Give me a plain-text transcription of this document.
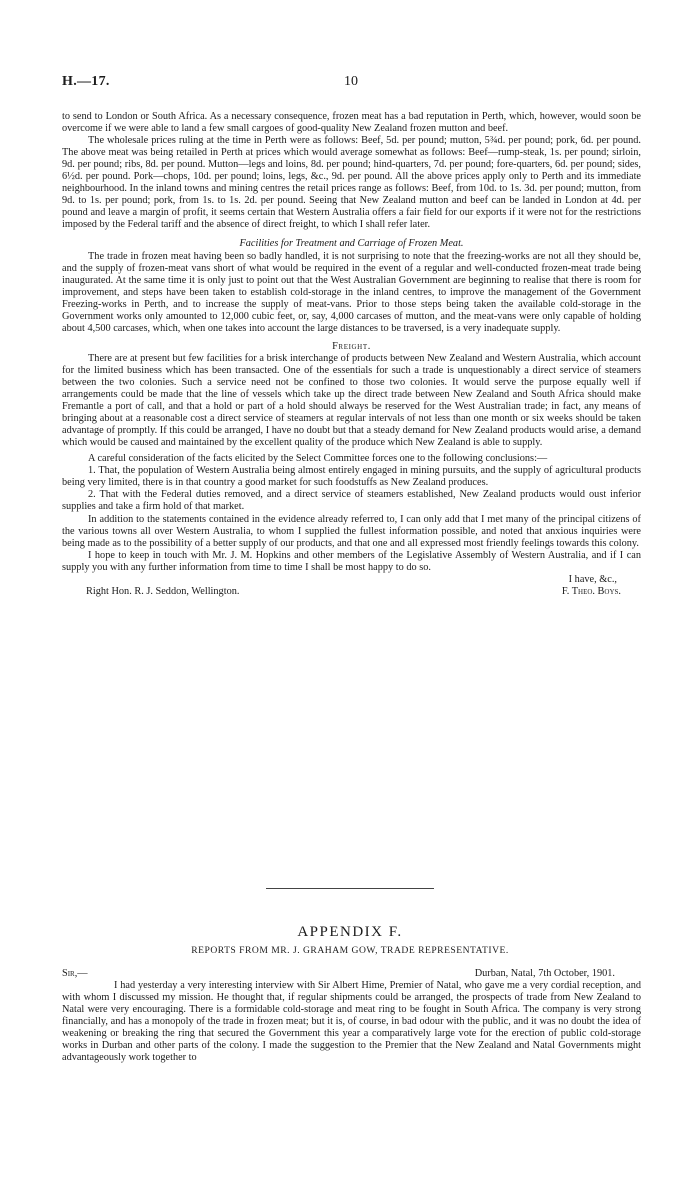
H.—17.	10

to send to London or South Africa. As a necessary consequence, frozen meat has a bad reputation in Perth, which, however, would soon be overcome if we were able to land a few small cargoes of good-quality New Zealand frozen mutton and beef.

The wholesale prices ruling at the time in Perth were as follows: Beef, 5d. per pound; mutton, 5¾d. per pound; pork, 6d. per pound. The above meat was being retailed in Perth at prices which would average somewhat as follows: Beef—rump-steak, 1s. per pound; sirloin, 9d. per pound; ribs, 8d. per pound. Mutton—legs and loins, 8d. per pound; hind-quarters, 7d. per pound; fore-quarters, 6d. per pound; sides, 6½d. per pound. Pork—chops, 10d. per pound; loins, legs, &c., 9d. per pound. All the above prices apply only to Perth and its immediate neighbourhood. In the inland towns and mining centres the retail prices range as follows: Beef, from 10d. to 1s. 3d. per pound; mutton, from 9d. to 1s. per pound; pork, from 1s. to 1s. 2d. per pound. Seeing that New Zealand mutton and beef can be landed in London at 4d. per pound and leave a margin of profit, it seems certain that Western Australia offers a fair field for our exports if it were not for the restrictions imposed by the Federal tariff and the absence of direct freight, to which I shall refer later.

Facilities for Treatment and Carriage of Frozen Meat.

The trade in frozen meat having been so badly handled, it is not surprising to note that the freezing-works are not all they should be, and the supply of frozen-meat vans short of what would be required in the event of a regular and well-conducted frozen-meat trade being inaugurated. At the same time it is only just to point out that the West Australian Government are beginning to realise that there is room for improvement, and steps have been taken to establish cold-storage in the inland centres, to improve the management of the Government Freezing-works in Perth, and to increase the supply of meat-vans. Prior to those steps being taken the available cold-storage in the Government works only amounted to 12,000 cubic feet, or, say, 4,000 carcases of mutton, and the meat-vans were only capable of holding about 4,500 carcases, which, when one takes into account the large distances to be traversed, is a very inadequate supply.

Freight.

There are at present but few facilities for a brisk interchange of products between New Zealand and Western Australia, which account for the limited business which has been transacted. One of the essentials for such a trade is unquestionably a direct service of steamers between the two colonies. Such a service need not be confined to those two colonies. It would serve the purpose equally well if arrangements could be made that the line of vessels which take up the direct trade between New Zealand and South Africa should make Fremantle a port of call, and that a hold or part of a hold should always be reserved for the West Australian trade; in fact, any means of bringing about at a reasonable cost a direct service of steamers at regular intervals of not less than one month or six weeks should be taken advantage of promptly. If this could be arranged, I have no doubt but that a steady demand for New Zealand products would arise, a demand which would be caused and maintained by the excellent quality of the produce which New Zealand is able to supply.

A careful consideration of the facts elicited by the Select Committee forces one to the following conclusions:—

1. That, the population of Western Australia being almost entirely engaged in mining pursuits, and the supply of agricultural products being very limited, there is in that country a good market for such foodstuffs as New Zealand produces.

2. That with the Federal duties removed, and a direct service of steamers established, New Zealand products would oust inferior supplies and take a firm hold of that market.

In addition to the statements contained in the evidence already referred to, I can only add that I met many of the principal citizens of the various towns all over Western Australia, to whom I supplied the fullest information possible, and noted that anxious inquiries were being made as to the possibility of a better supply of our products, and that one and all expressed most friendly feelings towards this colony.

I hope to keep in touch with Mr. J. M. Hopkins and other members of the Legislative Assembly of Western Australia, and if I can supply you with any further information from time to time I shall be most happy to do so.

I have, &c.,
Right Hon. R. J. Seddon, Wellington.	F. Theo. Boys.
APPENDIX F.
REPORTS FROM MR. J. GRAHAM GOW, TRADE REPRESENTATIVE.
Sir,—	Durban, Natal, 7th October, 1901.

I had yesterday a very interesting interview with Sir Albert Hime, Premier of Natal, who gave me a very cordial reception, and with whom I discussed my mission. He thought that, if regular shipments could be arranged, the prospects of trade from New Zealand to Natal were very encouraging. There is a formidable cold-storage and meat ring to be fought in South Africa. The company is very strong financially, and has a monopoly of the trade in frozen meat; but it is, of course, in bad odour with the public, and it was no doubt the idea of weakening or breaking the ring that secured the Government this year a comparatively large vote for the erection of public cold-storage works in Durban and other parts of the colony. I made the suggestion to the Premier that the New Zealand and Natal Governments might advantageously work together to
